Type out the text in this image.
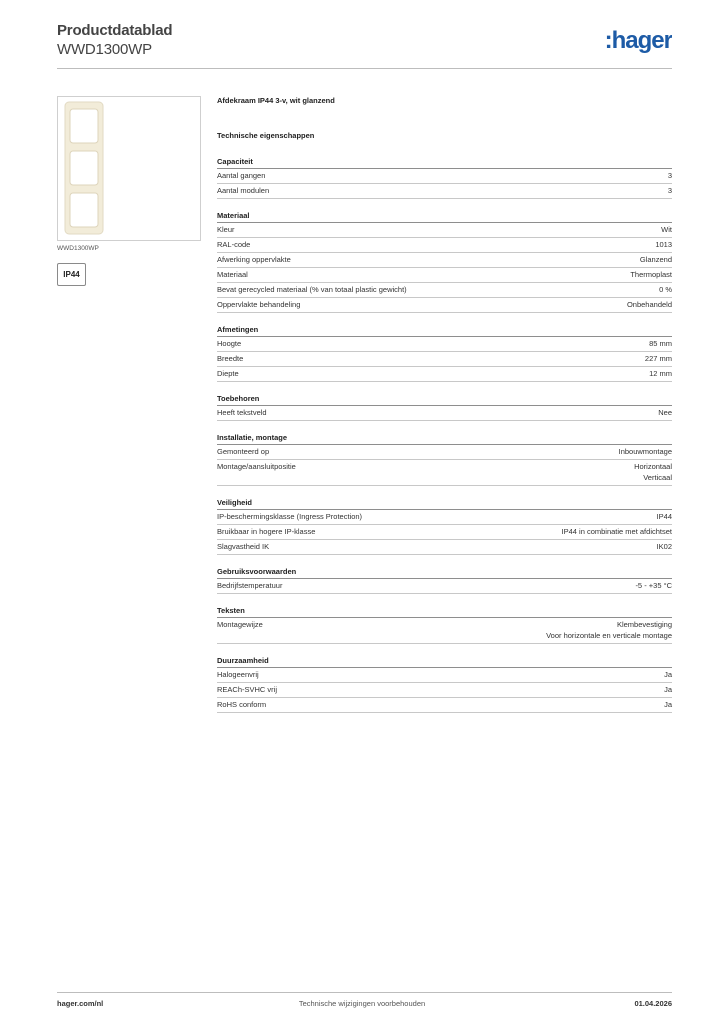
Productdatablad
WWD1300WP	:hager
WWD1300WP
IP44
Afdekraam IP44 3-v, wit glanzend
Technische eigenschappen
Capaciteit
Aantal gangen	3
Aantal modulen	3
Materiaal
Kleur	Wit
RAL-code	1013
Afwerking oppervlakte	Glanzend
Materiaal	Thermoplast
Bevat gerecycled materiaal (% van totaal plastic gewicht)	0 %
Oppervlakte behandeling	Onbehandeld
Afmetingen
Hoogte	85 mm
Breedte	227 mm
Diepte	12 mm
Toebehoren
Heeft tekstveld	Nee
Installatie, montage
Gemonteerd op	Inbouwmontage
Montage/aansluitpositie	Horizontaal
Verticaal
Veiligheid
IP-beschermingsklasse (Ingress Protection)	IP44
Bruikbaar in hogere IP-klasse	IP44 in combinatie met afdichtset
Slagvastheid IK	IK02
Gebruiksvoorwaarden
Bedrijfstemperatuur	-5 - +35 °C
Teksten
Montagewijze	Klembevestiging
Voor horizontale en verticale montage
Duurzaamheid
Halogeenvrij	Ja
REACh-SVHC vrij	Ja
RoHS conform	Ja
hager.com/nl	Technische wijzigingen voorbehouden	01.04.2026
